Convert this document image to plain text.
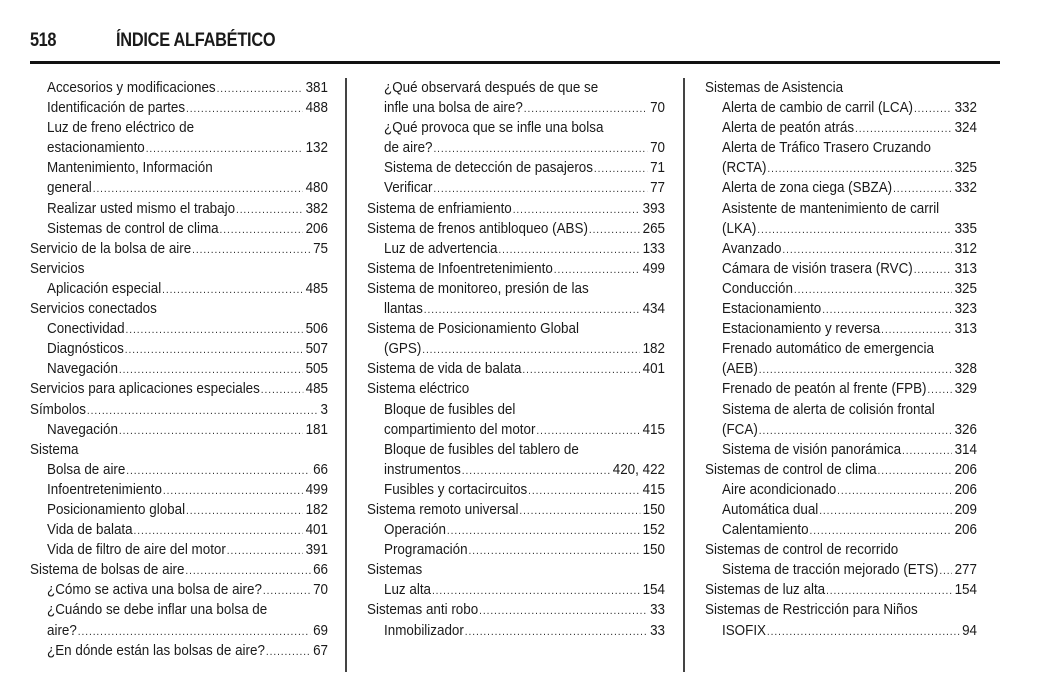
518	ÍNDICE ALFABÉTICO
Accesorios y modificaciones .....	381
Identificación de partes .....	488
Luz de freno eléctrico de
estacionamiento .....	132
Mantenimiento, Información
general .....	480
Realizar usted mismo el trabajo .....	382
Sistemas de control de clima .....	206
Servicio de la bolsa de aire .....	75
Servicios
Aplicación especial .....	485
Servicios conectados
Conectividad .....	506
Diagnósticos .....	507
Navegación .....	505
Servicios para aplicaciones especiales .....	485
Símbolos .....	3
Navegación .....	181
Sistema
Bolsa de aire .....	66
Infoentretenimiento .....	499
Posicionamiento global .....	182
Vida de balata .....	401
Vida de filtro de aire del motor .....	391
Sistema de bolsas de aire .....	66
¿Cómo se activa una bolsa de aire? .....	70
¿Cuándo se debe inflar una bolsa de
aire? .....	69
¿En dónde están las bolsas de aire? .....	67
¿Qué observará después de que se
infle una bolsa de aire? .....	70
¿Qué provoca que se infle una bolsa
de aire? .....	70
Sistema de detección de pasajeros .....	71
Verificar .....	77
Sistema de enfriamiento .....	393
Sistema de frenos antibloqueo (ABS) .....	265
Luz de advertencia .....	133
Sistema de Infoentretenimiento .....	499
Sistema de monitoreo, presión de las
llantas .....	434
Sistema de Posicionamiento Global
(GPS) .....	182
Sistema de vida de balata .....	401
Sistema eléctrico
Bloque de fusibles del
compartimiento del motor .....	415
Bloque de fusibles del tablero de
instrumentos .....	420, 422
Fusibles y cortacircuitos .....	415
Sistema remoto universal .....	150
Operación .....	152
Programación .....	150
Sistemas
Luz alta .....	154
Sistemas anti robo .....	33
Inmobilizador .....	33
Sistemas de Asistencia
Alerta de cambio de carril (LCA) .....	332
Alerta de peatón atrás .....	324
Alerta de Tráfico Trasero Cruzando
(RCTA) .....	325
Alerta de zona ciega (SBZA) .....	332
Asistente de mantenimiento de carril
(LKA) .....	335
Avanzado .....	312
Cámara de visión trasera (RVC) .....	313
Conducción .....	325
Estacionamiento .....	323
Estacionamiento y reversa .....	313
Frenado automático de emergencia
(AEB) .....	328
Frenado de peatón al frente (FPB) ..... 329
Sistema de alerta de colisión frontal
(FCA) .....	326
Sistema de visión panorámica .....	314
Sistemas de control de clima .....	206
Aire acondicionado .....	206
Automática dual .....	209
Calentamiento .....	206
Sistemas de control de recorrido
Sistema de tracción mejorado (ETS) ..... 277
Sistemas de luz alta .....	154
Sistemas de Restricción para Niños
ISOFIX .....	94
